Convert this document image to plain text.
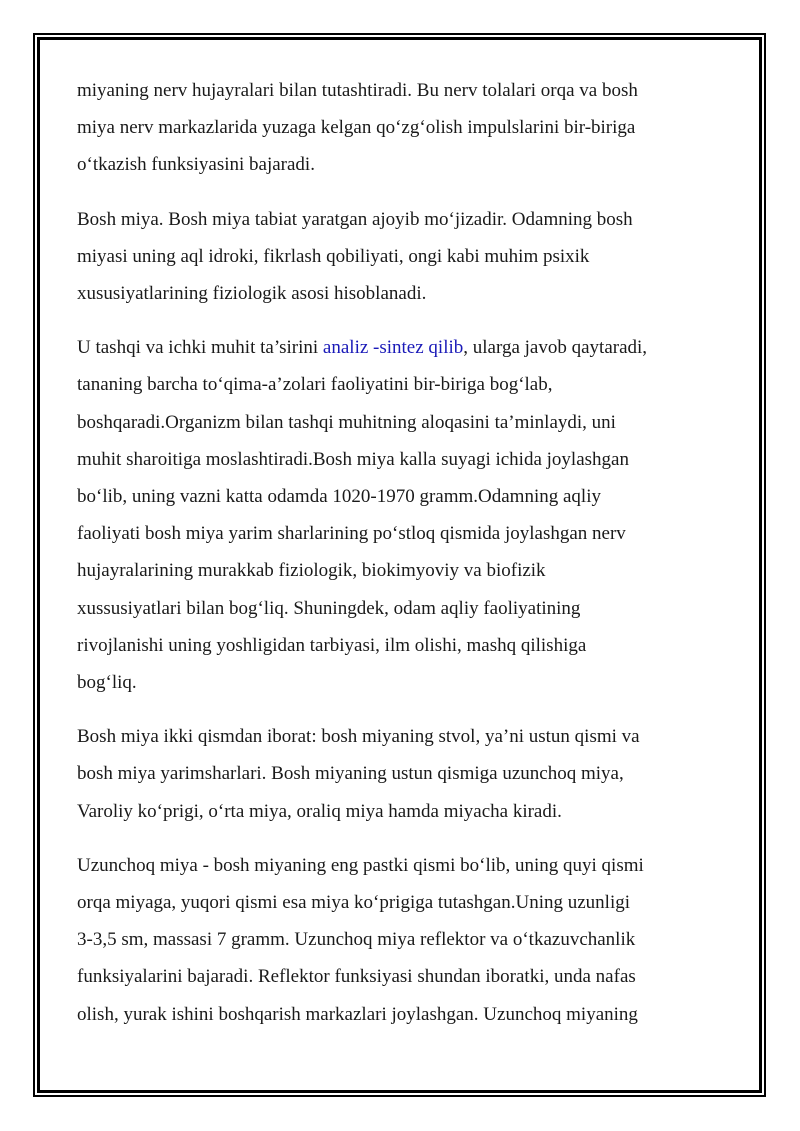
miyaning nerv hujayralari bilan tutashtiradi. Bu nerv tolalari orqa va bosh
miya nerv markazlarida yuzaga kelgan qo‘zg‘olish impulslarini bir-biriga
o‘tkazish funksiyasini bajaradi.

Bosh miya. Bosh miya tabiat yaratgan ajoyib mo‘jizadir. Odamning bosh
miyasi uning aql idroki, fikrlash qobiliyati, ongi kabi muhim psixik
xususiyatlarining fiziologik asosi hisoblanadi.

U tashqi va ichki muhit ta’sirini analiz -sintez qilib, ularga javob qaytaradi,
tananing barcha to‘qima-a’zolari faoliyatini bir-biriga bog‘lab,
boshqaradi.Organizm bilan tashqi muhitning aloqasini ta’minlaydi, uni
muhit sharoitiga moslashtiradi.Bosh miya kalla suyagi ichida joylashgan
bo‘lib, uning vazni katta odamda 1020-1970 gramm.Odamning aqliy
faoliyati bosh miya yarim sharlarining po‘stloq qismida joylashgan nerv
hujayralarining murakkab fiziologik, biokimyoviy va biofizik
xussusiyatlari bilan bog‘liq. Shuningdek, odam aqliy faoliyatining
rivojlanishi uning yoshligidan tarbiyasi, ilm olishi, mashq qilishiga
bog‘liq.

Bosh miya ikki qismdan iborat: bosh miyaning stvol, ya’ni ustun qismi va
bosh miya yarimsharlari. Bosh miyaning ustun qismiga uzunchoq miya,
Varoliy ko‘prigi, o‘rta miya, oraliq miya hamda miyacha kiradi.

Uzunchoq miya - bosh miyaning eng pastki qismi bo‘lib, uning quyi qismi
orqa miyaga, yuqori qismi esa miya ko‘prigiga tutashgan.Uning uzunligi
3-3,5 sm, massasi 7 gramm. Uzunchoq miya reflektor va o‘tkazuvchanlik
funksiyalarini bajaradi. Reflektor funksiyasi shundan iboratki, unda nafas
olish, yurak ishini boshqarish markazlari joylashgan. Uzunchoq miyaning
